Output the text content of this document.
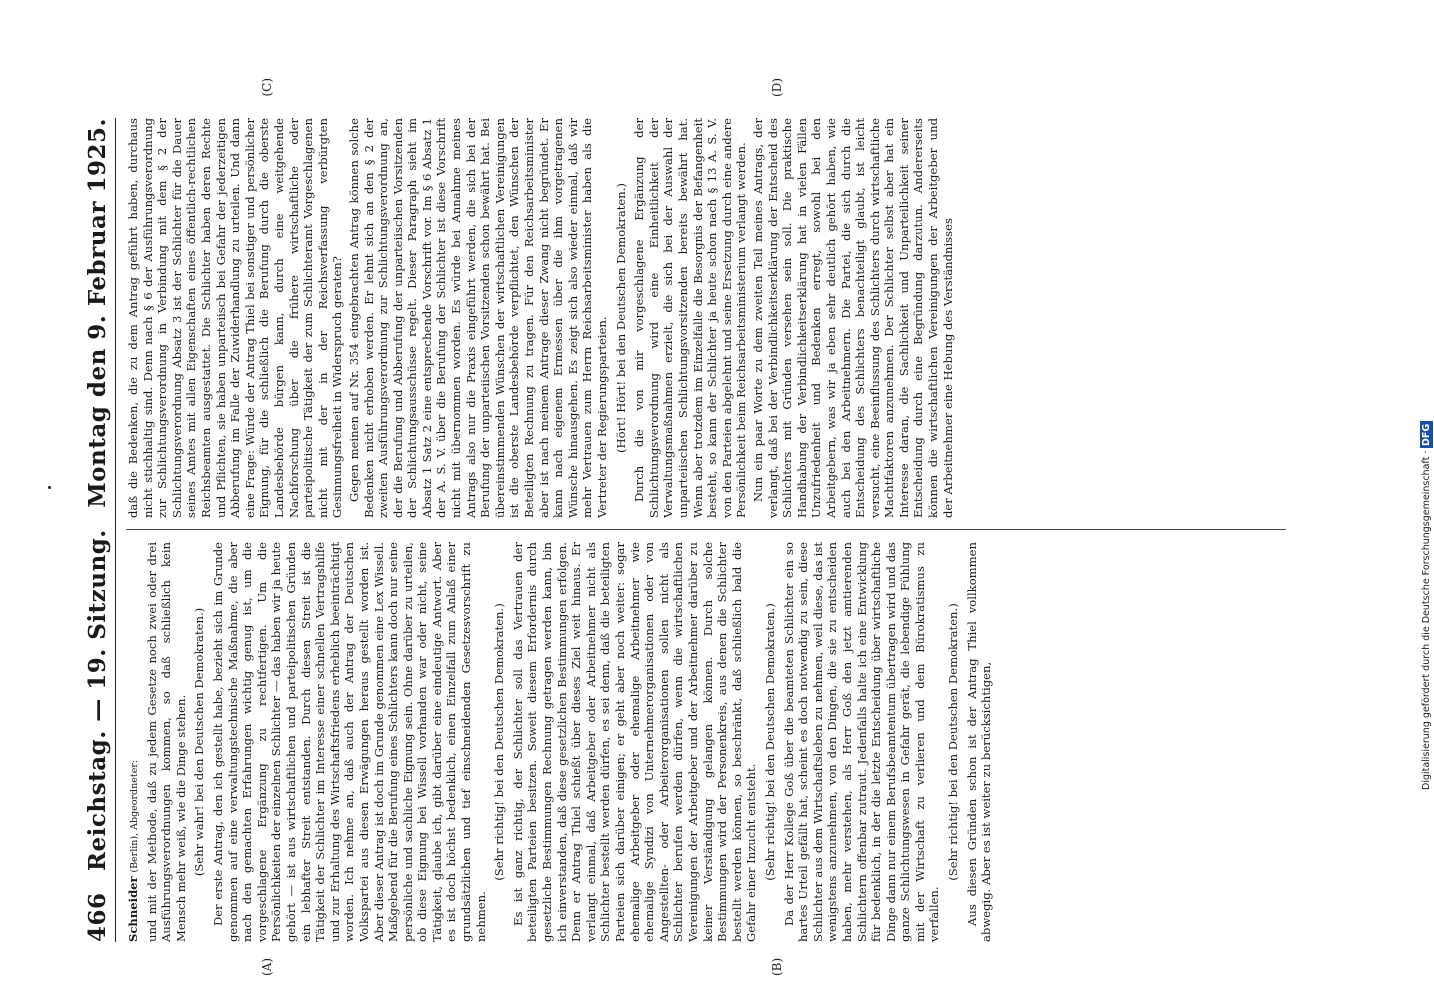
466
Reichstag. — 19. Sitzung.
Montag den 9. Februar 1925.

Schneider (Berlin), Abgeordneter: und mit der Methode, daß zu jedem Gesetze noch zwei oder drei Ausführungsverordnungen kommen, so daß schließlich kein Mensch mehr weiß, wie die Dinge stehen. (Sehr wahr! bei den Deutschen Demokraten.) Der erste Antrag, den ich gestellt habe, bezieht sich im Grunde genommen auf eine verwaltungstechnische Maßnahme, die aber nach den gemachten Erfahrungen wichtig genug ist, um die vorgeschlagene Ergänzung zu rechtfertigen. Um die Persönlichkeiten der einzelnen Schlichter — das haben wir ja heute gehört — ist aus wirtschaftlichen und parteipolitischen Gründen ein lebhafter Streit entstanden. Durch diesen Streit ist die Tätigkeit der Schlichter im Interesse einer schnellen Vertragshilfe und zur Erhaltung des Wirtschaftsfriedens erheblich beeinträchtigt worden. Ich nehme an, daß auch der Antrag der Deutschen Volkspartei aus diesen Erwägungen heraus gestellt worden ist. Aber dieser Antrag ist doch im Grunde genommen eine Lex Wissell. Maßgebend für die Berufung eines Schlichters kann doch nur seine persönliche und sachliche Eignung sein. Ohne darüber zu urteilen, ob diese Eignung bei Wissell vorhanden war oder nicht, seine Tätigkeit, glaube ich, gibt darüber eine eindeutige Antwort. Aber es ist doch höchst bedenklich, einen Einzelfall zum Anlaß einer grundsätzlichen und tief einschneidenden Gesetzesvorschrift zu nehmen.

(Sehr richtig! bei den Deutschen Demokraten.) Es ist ganz richtig, der Schlichter soll das Vertrauen der beteiligten Parteien besitzen. Soweit diesem Erfordernis durch gesetzliche Bestimmungen Rechnung getragen werden kann, bin ich einverstanden, daß diese gesetzlichen Bestimmungen erfolgen. Denn er Antrag Thiel schießt über dieses Ziel weit hinaus. Er verlangt einmal, daß Arbeitgeber oder Arbeitnehmer nicht als Schlichter bestellt werden dürfen, es sei denn, daß die beteiligten Parteien sich darüber einigen; er geht aber noch weiter: sogar ehemalige Arbeitgeber oder ehemalige Arbeitnehmer wie ehemalige Syndizi von Unternehmerorganisationen oder von Angestellten- oder Arbeiterorganisationen sollen nicht als Schlichter berufen werden dürfen, wenn die wirtschaftlichen Vereinigungen der Arbeitgeber und der Arbeitnehmer darüber zu keiner Verständigung gelangen können. Durch solche Bestimmungen wird der Personenkreis, aus denen die Schlichter bestellt werden können, so beschränkt, daß schließlich bald die Gefahr einer Inzucht entsteht. (Sehr richtig! bei den Deutschen Demokraten.) Da der Herr Kollege Goß über die beamteten Schlichter ein so hartes Urteil gefällt hat, scheint es doch notwendig zu sein, diese Schlichter aus dem Wirtschaftsleben zu nehmen, weil diese, das ist wenigstens anzunehmen, von den Dingen, die sie zu entscheiden haben, mehr verstehen, als Herr Goß den jetzt amtierenden Schlichtern offenbar zutraut. Jedenfalls halte ich eine Entwicklung für bedenklich, in der die letzte Entscheidung über wirtschaftliche Dinge dann nur einem Berufsbeamtentum übertragen wird und das ganze Schlichtungswesen in Gefahr gerät, die lebendige Fühlung mit der Wirtschaft zu verlieren und dem Bürokratismus zu verfallen.

(Sehr richtig! bei den Deutschen Demokraten.) Aus diesen Gründen schon ist der Antrag Thiel vollkommen abwegig. Aber es ist weiter zu berücksichtigen,

daß die Bedenken, die zu dem Antrag geführt haben, durchaus nicht stichhaltig sind. Denn nach § 6 der Ausführungsverordnung zur Schlichtungsverordnung in Verbindung mit dem § 2 der Schlichtungsverordnung Absatz 3 ist der Schlichter für die Dauer seines Amtes mit allen Eigenschaften eines öffentlich-rechtlichen Reichsbeamten ausgestattet. Die Schlichter haben deren Rechte und Pflichten, sie haben unparteiisch bei Gefahr der jederzeitigen Abberufung im Falle der Zuwiderhandlung zu urteilen. Und dann eine Frage: Würde der Antrag Thiel bei sonstiger und persönlicher Eignung, für die schließlich die Berufung durch die oberste Landesbehörde bürgen kann, durch eine weitgehende Nachforschung über die frühere wirtschaftliche oder parteipolitische Tätigkeit der zum Schlichteramt Vorgeschlagenen nicht mit der in der Reichsverfassung verbürgten Gesinnungsfreiheit in Widerspruch geraten? Gegen meinen auf Nr. 354 eingebrachten Antrag können solche Bedenken nicht erhoben werden. Er lehnt sich an den § 2 der zweiten Ausführungsverordnung zur Schlichtungsverordnung an, der die Berufung und Abberufung der unparteiischen Vorsitzenden der Schlichtungsausschüsse regelt. Dieser Paragraph sieht im Absatz 1 Satz 2 eine entsprechende Vorschrift vor. Im § 6 Absatz 1 der A. S. V. über die Berufung der Schlichter ist diese Vorschrift nicht mit übernommen worden. Es würde bei Annahme meines Antrags also nur die Praxis eingeführt werden, die sich bei der Berufung der unparteiischen Vorsitzenden schon bewährt hat. Bei übereinstimmenden Wünschen der wirtschaftlichen Vereinigungen ist die oberste Landesbehörde verpflichtet, den Wünschen der Beteiligten Rechnung zu tragen. Für den Reichsarbeitsminister aber ist nach meinem Antrage dieser Zwang nicht begründet. Er kann nach eigenem Ermessen über die ihm vorgetragenen Wünsche hinausgehen. Es zeigt sich also wieder einmal, daß wir mehr Vertrauen zum Herrn Reichsarbeitsminister haben als die Vertreter der Regierungsparteien. (Hört! Hört! bei den Deutschen Demokraten.) Durch die von mir vorgeschlagene Ergänzung der Schlichtungsverordnung wird eine Einheitlichkeit der Verwaltungsmaßnahmen erzielt, die sich bei der Auswahl der unparteiischen Schlichtungsvorsitzenden bereits bewährt hat. Wenn aber trotzdem im Einzelfalle die Besorgnis der Befangenheit besteht, so kann der Schlichter ja heute schon nach § 13 A. S. V. von den Parteien abgelehnt und seine Ersetzung durch eine andere Persönlichkeit beim Reichsarbeitsministerium verlangt werden. Nun ein paar Worte zu dem zweiten Teil meines Antrags, der verlangt, daß bei der Verbindlichkeitserklärung der Entscheid des Schlichters mit Gründen versehen sein soll. Die praktische Handhabung der Verbindlichkeitserklärung hat in vielen Fällen Unzufriedenheit und Bedenken erregt, sowohl bei den Arbeitgebern, was wir ja eben sehr deutlich gehört haben, wie auch bei den Arbeitnehmern. Die Partei, die sich durch die Entscheidung des Schlichters benachteiligt glaubt, ist leicht versucht, eine Beeinflussung des Schlichters durch wirtschaftliche Machtfaktoren anzunehmen. Der Schlichter selbst aber hat ein Interesse daran, die Sachlichkeit und Unparteilichkeit seiner Entscheidung durch eine Begründung darzutun. Andererseits können die wirtschaftlichen Vereinigungen der Arbeitgeber und der Arbeitnehmer eine Hebung des Verständnisses

(A)	(B)
(C)	(D)
Digitalisierung gefördert durch die Deutsche Forschungsgemeinschaft · DFG
